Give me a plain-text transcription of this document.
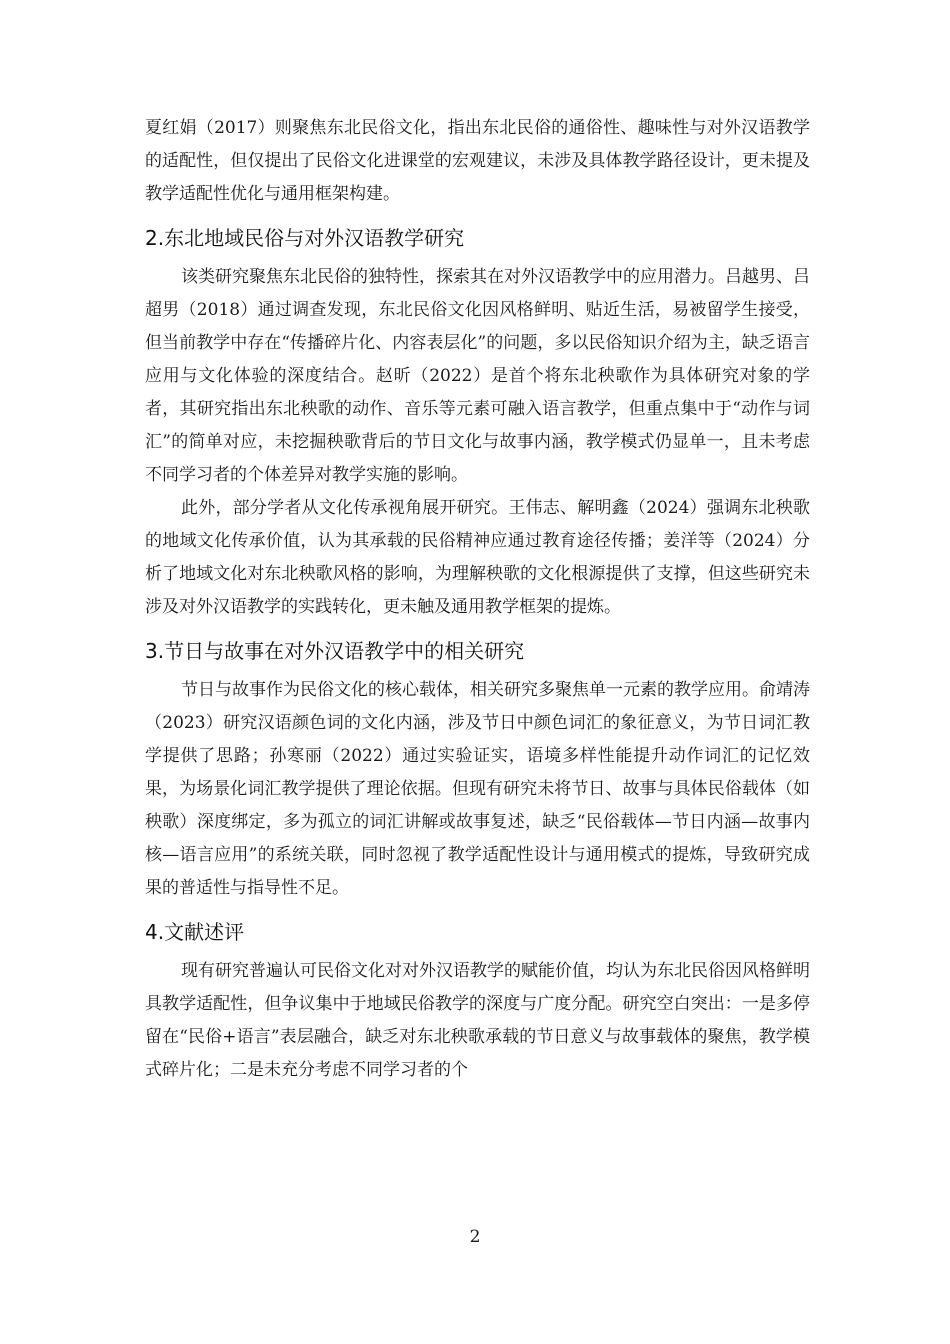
夏红娟（2017）则聚焦东北民俗文化，指出东北民俗的通俗性、趣味性与对外汉语教学的适配性，但仅提出了民俗文化进课堂的宏观建议，未涉及具体教学路径设计，更未提及教学适配性优化与通用框架构建。

2.东北地域民俗与对外汉语教学研究

该类研究聚焦东北民俗的独特性，探索其在对外汉语教学中的应用潜力。吕越男、吕超男（2018）通过调查发现，东北民俗文化因风格鲜明、贴近生活，易被留学生接受，但当前教学中存在“传播碎片化、内容表层化”的问题，多以民俗知识介绍为主，缺乏语言应用与文化体验的深度结合。赵昕（2022）是首个将东北秧歌作为具体研究对象的学者，其研究指出东北秧歌的动作、音乐等元素可融入语言教学，但重点集中于“动作与词汇”的简单对应，未挖掘秧歌背后的节日文化与故事内涵，教学模式仍显单一，且未考虑不同学习者的个体差异对教学实施的影响。

此外，部分学者从文化传承视角展开研究。王伟志、解明鑫（2024）强调东北秧歌的地域文化传承价值，认为其承载的民俗精神应通过教育途径传播；姜洋等（2024）分析了地域文化对东北秧歌风格的影响，为理解秧歌的文化根源提供了支撑，但这些研究未涉及对外汉语教学的实践转化，更未触及通用教学框架的提炼。

3.节日与故事在对外汉语教学中的相关研究

节日与故事作为民俗文化的核心载体，相关研究多聚焦单一元素的教学应用。俞靖涛（2023）研究汉语颜色词的文化内涵，涉及节日中颜色词汇的象征意义，为节日词汇教学提供了思路；孙寒丽（2022）通过实验证实，语境多样性能提升动作词汇的记忆效果，为场景化词汇教学提供了理论依据。但现有研究未将节日、故事与具体民俗载体（如秧歌）深度绑定，多为孤立的词汇讲解或故事复述，缺乏“民俗载体—节日内涵—故事内核—语言应用”的系统关联，同时忽视了教学适配性设计与通用模式的提炼，导致研究成果的普适性与指导性不足。

4.文献述评

现有研究普遍认可民俗文化对对外汉语教学的赋能价值，均认为东北民俗因风格鲜明具教学适配性，但争议集中于地域民俗教学的深度与广度分配。研究空白突出：一是多停留在“民俗+语言”表层融合，缺乏对东北秧歌承载的节日意义与故事载体的聚焦，教学模式碎片化；二是未充分考虑不同学习者的个

2
